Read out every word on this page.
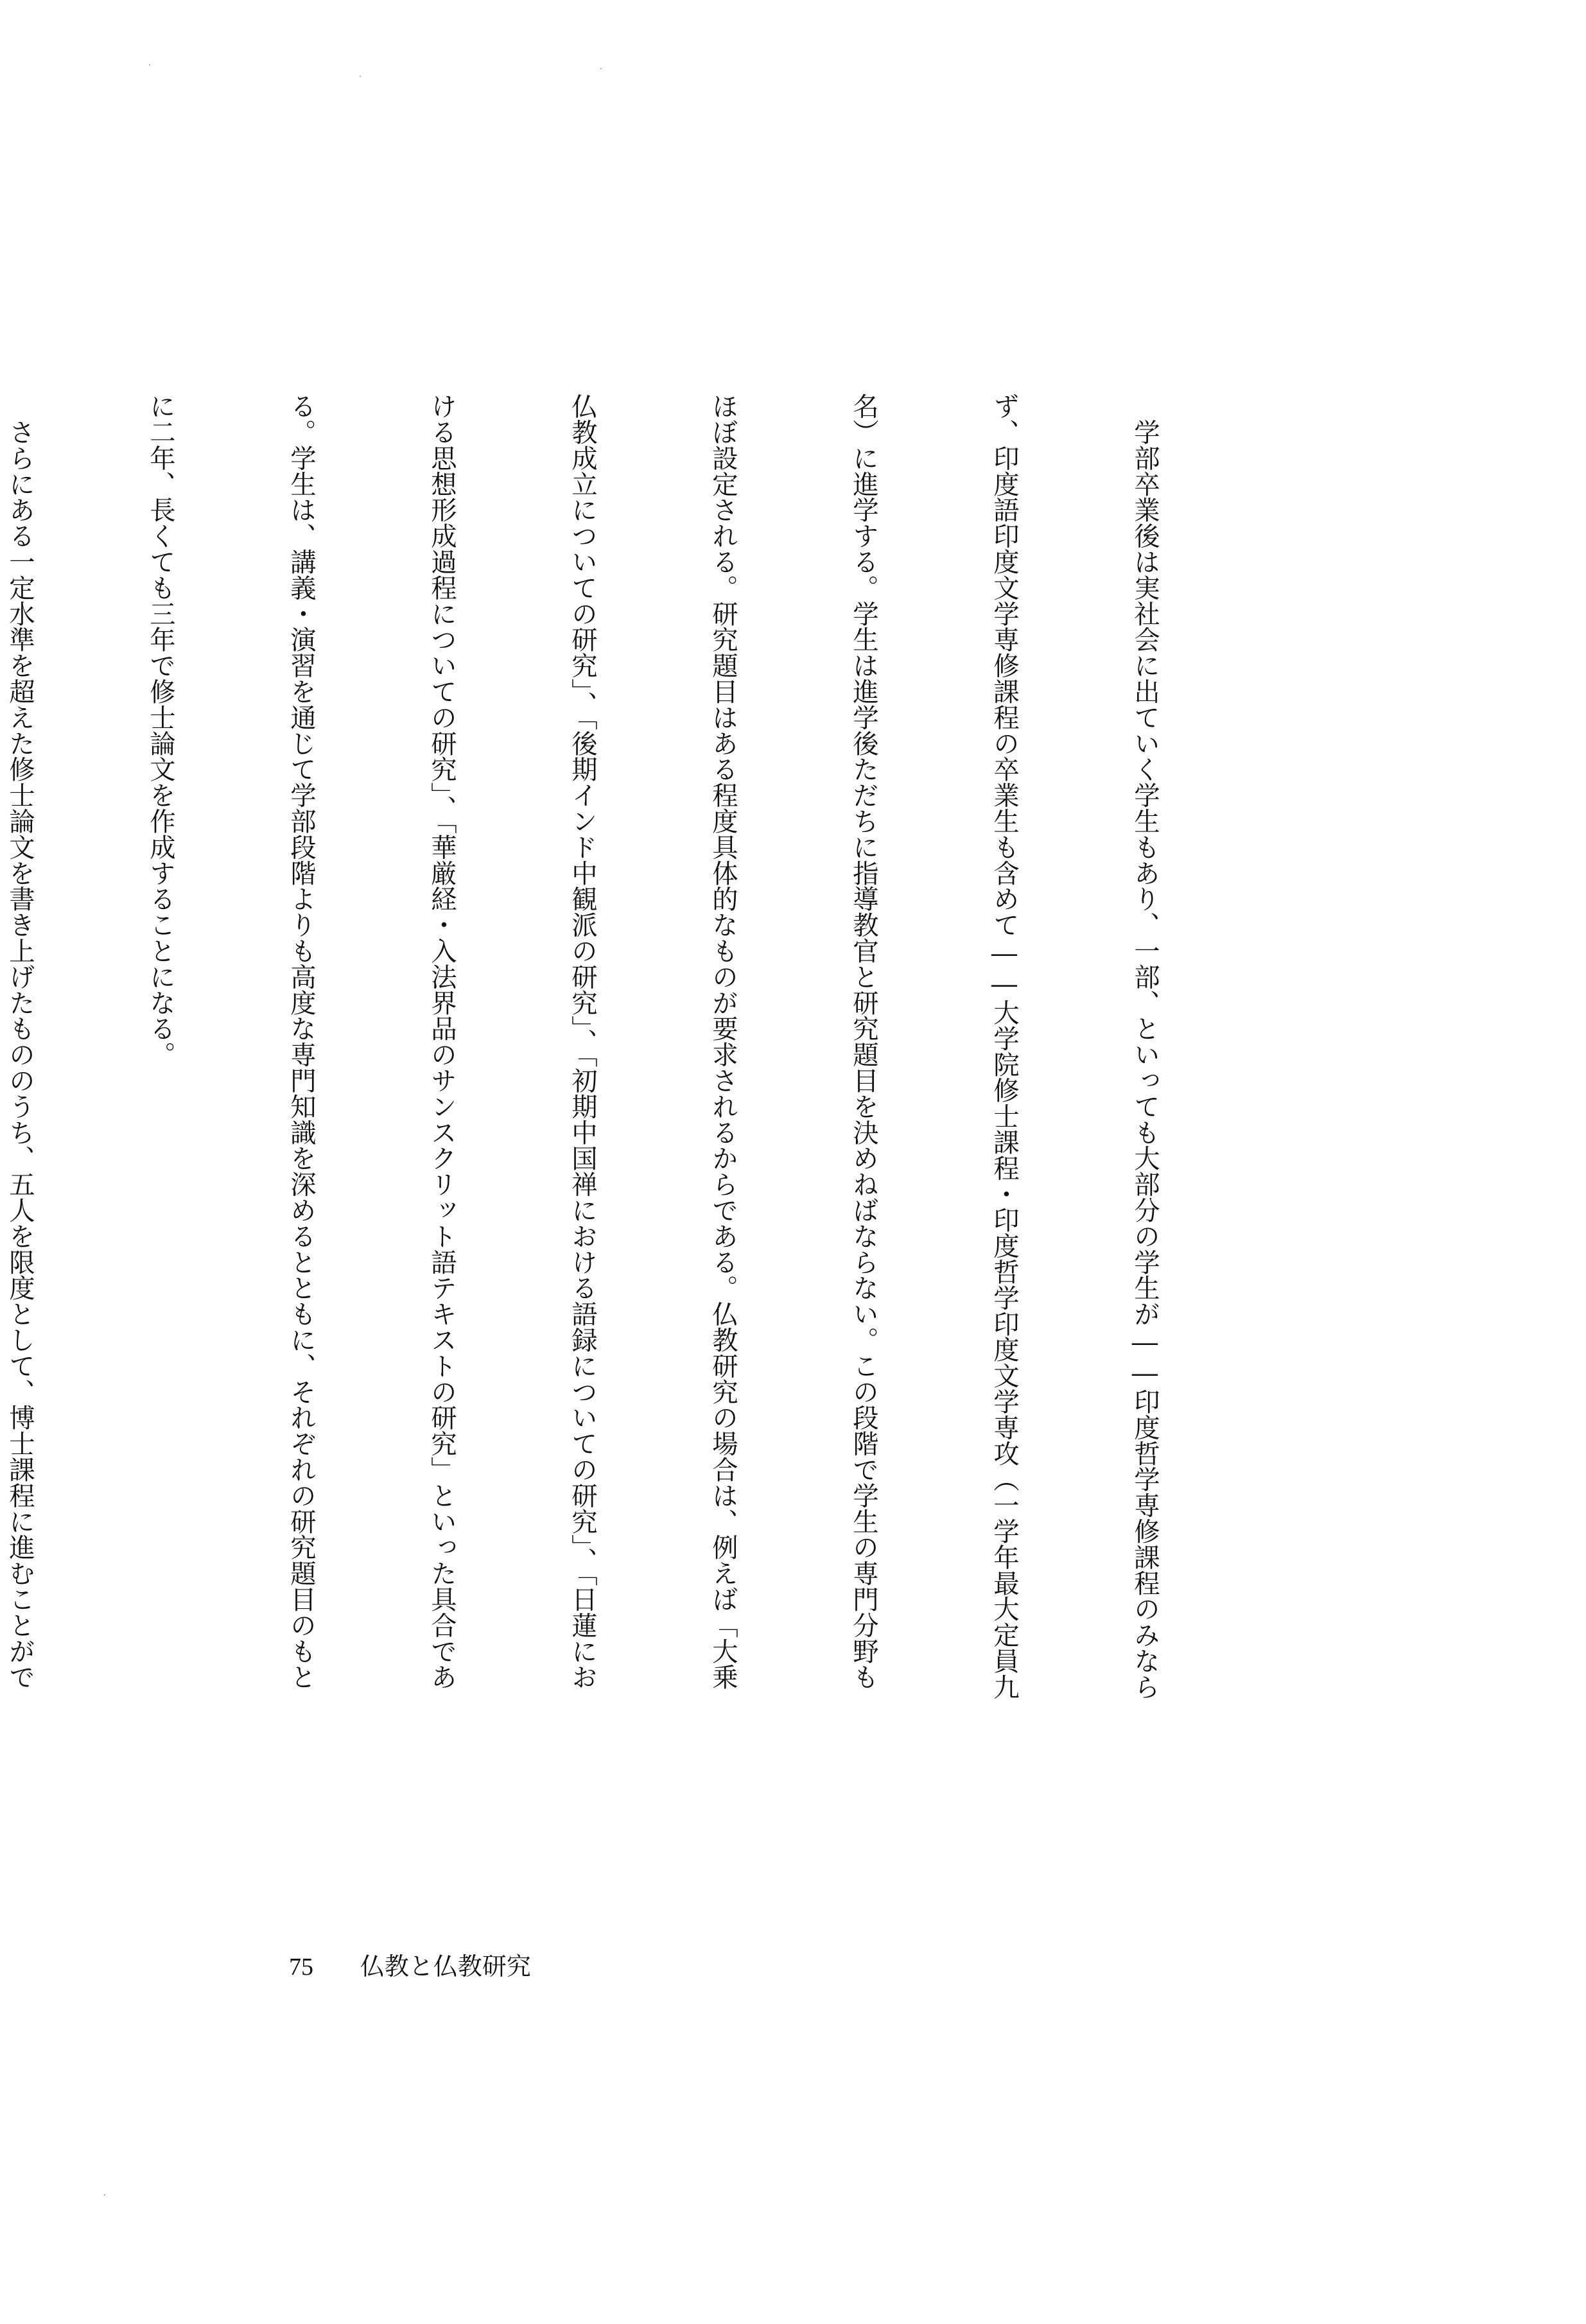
　学部卒業後は実社会に出ていく学生もあり、一部、といっても大部分の学生が――印度哲学専修課程のみなら

ず、印度語印度文学専修課程の卒業生も含めて――大学院修士課程・印度哲学印度文学専攻（一学年最大定員九

名）に進学する。学生は進学後ただちに指導教官と研究題目を決めねばならない。この段階で学生の専門分野も

ほぼ設定される。研究題目はある程度具体的なものが要求されるからである。仏教研究の場合は、例えば「大乗

仏教成立についての研究」、「後期インド中観派の研究」、「初期中国禅における語録についての研究」、「日蓮にお

ける思想形成過程についての研究」、「華厳経・入法界品のサンスクリット語テキストの研究」といった具合であ

る。学生は、講義・演習を通じて学部段階よりも高度な専門知識を深めるとともに、それぞれの研究題目のもと

に二年、長くても三年で修士論文を作成することになる。

　さらにある一定水準を超えた修士論文を書き上げたもののうち、五人を限度として、博士課程に進むことがで

75 仏教と仏教研究
